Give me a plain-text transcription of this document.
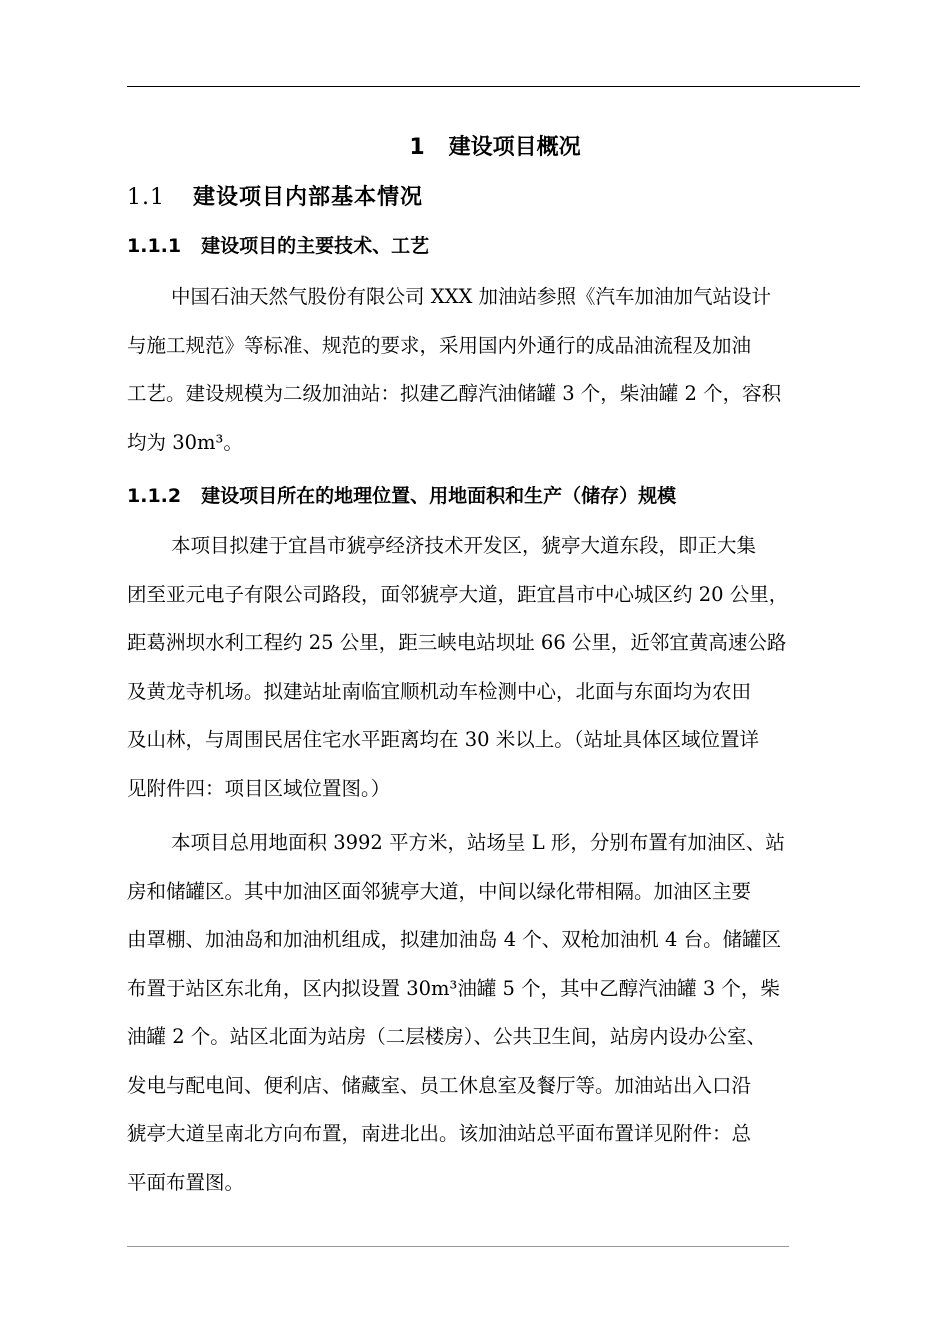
1 建设项目概况
1.1 建设项目内部基本情况
1.1.1 建设项目的主要技术、工艺
中国石油天然气股份有限公司 XXX 加油站参照《汽车加油加气站设计
与施工规范》等标准、规范的要求，采用国内外通行的成品油流程及加油
工艺。建设规模为二级加油站：拟建乙醇汽油储罐 3 个，柴油罐 2 个，容积
均为 30m³。
1.1.2 建设项目所在的地理位置、用地面积和生产（储存）规模
本项目拟建于宜昌市猇亭经济技术开发区，猇亭大道东段，即正大集
团至亚元电子有限公司路段，面邻猇亭大道，距宜昌市中心城区约 20 公里，
距葛洲坝水利工程约 25 公里，距三峡电站坝址 66 公里，近邻宜黄高速公路
及黄龙寺机场。拟建站址南临宜顺机动车检测中心，北面与东面均为农田
及山林，与周围民居住宅水平距离均在 30 米以上。（站址具体区域位置详
见附件四：项目区域位置图。）
本项目总用地面积 3992 平方米，站场呈 L 形，分别布置有加油区、站
房和储罐区。其中加油区面邻猇亭大道，中间以绿化带相隔。加油区主要
由罩棚、加油岛和加油机组成，拟建加油岛 4 个、双枪加油机 4 台。储罐区
布置于站区东北角，区内拟设置 30m³油罐 5 个，其中乙醇汽油罐 3 个，柴
油罐 2 个。站区北面为站房（二层楼房）、公共卫生间，站房内设办公室、
发电与配电间、便利店、储藏室、员工休息室及餐厅等。加油站出入口沿
猇亭大道呈南北方向布置，南进北出。该加油站总平面布置详见附件：总
平面布置图。
